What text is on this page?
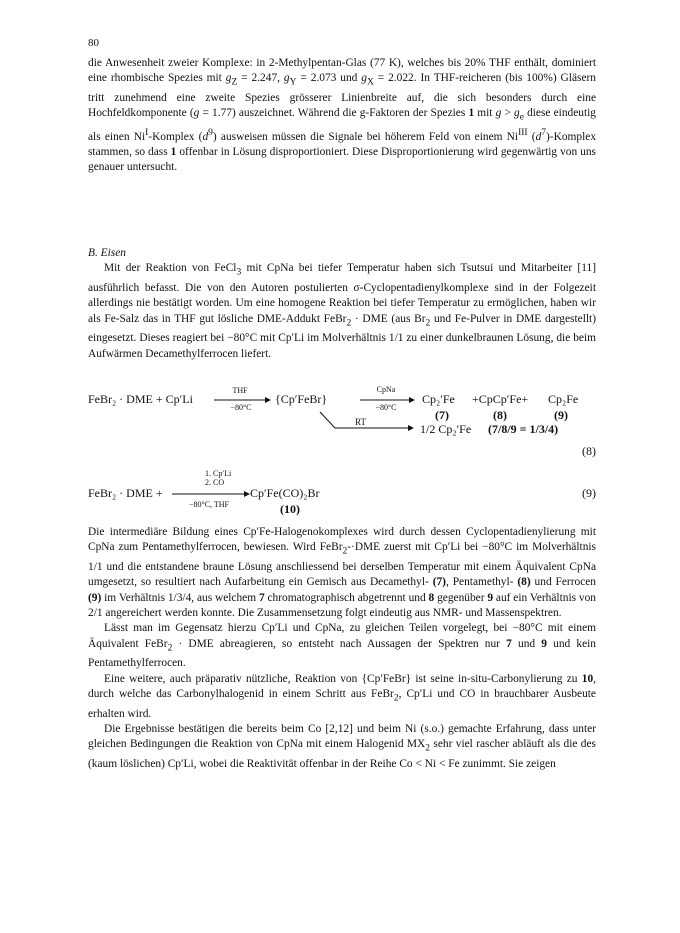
80

die Anwesenheit zweier Komplexe: in 2-Methylpentan-Glas (77 K), welches bis 20% THF enthält, dominiert eine rhombische Spezies mit $g_Z = 2.247$, $g_Y = 2.073$ und $g_X = 2.022$. In THF-reicheren (bis 100%) Gläsern tritt zunehmend eine zweite Spezies grösserer Linienbreite auf, die sich besonders durch eine Hochfeldkomponente (g = 1.77) auszeichnet. Während die g-Faktoren der Spezies 1 mit $g > g_e$ diese eindeutig als einen $Ni^I$-Komplex $(d^9)$ ausweisen müssen die Signale bei höherem Feld von einem $Ni^{III}$ $(d^7)$-Komplex stammen, so dass 1 offenbar in Lösung disproportioniert. Diese Disproportionierung wird gegenwärtig von uns genauer untersucht.

B. Eisen

Mit der Reaktion von FeCl$_3$ mit CpNa bei tiefer Temperatur haben sich Tsutsui und Mitarbeiter [11] ausführlich befasst. Die von den Autoren postulierten σ-Cyclopentadienylkomplexe sind in der Folgezeit allerdings nie bestätigt worden. Um eine homogene Reaktion bei tiefer Temperatur zu ermöglichen, haben wir als Fe-Salz das in THF gut lösliche DME-Addukt FeBr$_2$ · DME (aus $Br_2$ und Fe-Pulver in DME dargestellt) eingesetzt. Dieses reagiert bei −80°C mit Cp′Li im Molverhältnis 1/1 zu einer dunkelbraunen Lösung, die beim Aufwärmen Decamethylferrocen liefert.

FeBr₂ · DME + Cp′Li
THF
−80°C
{Cp′FeBr}
CpNa
−80°C
Cp₂′Fe +CpCp′Fe+ Cp₂Fe
(7)	(8)	(9)
RT	1/2 Cp₂′Fe (7/8/9 = 1/3/4)
(8)
1. Cp′Li
2. CO
FeBr₂ · DME +
−80°C, THF
Cp′Fe(CO)₂Br
(10)
(9)

Die intermediäre Bildung eines Cp′Fe-Halogenokomplexes wird durch dessen Cyclopentadienylierung mit CpNa zum Pentamethylferrocen, bewiesen. Wird FeBr$_2$-·DME zuerst mit Cp′Li bei −80°C im Molverhältnis 1/1 und die entstandene braune Lösung anschliessend bei derselben Temperatur mit einem Äquivalent CpNa umgesetzt, so resultiert nach Aufarbeitung ein Gemisch aus Decamethyl- (7), Pentamethyl- (8) und Ferrocen (9) im Verhältnis 1/3/4, aus welchem 7 chromatographisch abgetrennt und 8 gegenüber 9 auf ein Verhältnis von 2/1 angereichert werden konnte. Die Zusammensetzung folgt eindeutig aus NMR- und Massenspektren.

Lässt man im Gegensatz hierzu Cp′Li und CpNa, zu gleichen Teilen vorgelegt, bei −80°C mit einem Äquivalent FeBr$_2$ · DME abreagieren, so entsteht nach Aussagen der Spektren nur 7 und 9 und kein Pentamethylferrocen.

Eine weitere, auch präparativ nützliche, Reaktion von {Cp′FeBr} ist seine in-situ-Carbonylierung zu 10, durch welche das Carbonylhalogenid in einem Schritt aus FeBr$_2$, Cp′Li und CO in brauchbarer Ausbeute erhalten wird.

Die Ergebnisse bestätigen die bereits beim Co [2,12] und beim Ni (s.o.) gemachte Erfahrung, dass unter gleichen Bedingungen die Reaktion von CpNa mit einem Halogenid $MX_2$ sehr viel rascher abläuft als die des (kaum löslichen) Cp′Li, wobei die Reaktivität offenbar in der Reihe Co < Ni < Fe zunimmt. Sie zeigen
